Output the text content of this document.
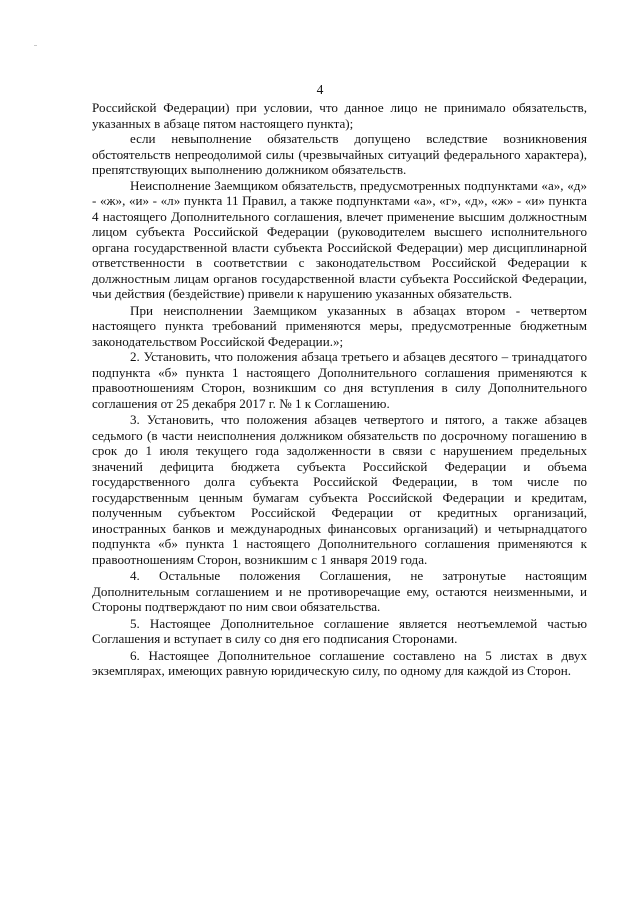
4

Российской Федерации) при условии, что данное лицо не принимало обязательств, указанных в абзаце пятом настоящего пункта);

если невыполнение обязательств допущено вследствие возникновения обстоятельств непреодолимой силы (чрезвычайных ситуаций федерального характера), препятствующих выполнению должником обязательств.

Неисполнение Заемщиком обязательств, предусмотренных подпунктами «а», «д» - «ж», «и» - «л» пункта 11 Правил, а также подпунктами «а», «г», «д», «ж» - «и» пункта 4 настоящего Дополнительного соглашения, влечет применение высшим должностным лицом субъекта Российской Федерации (руководителем высшего исполнительного органа государственной власти субъекта Российской Федерации) мер дисциплинарной ответственности в соответствии с законодательством Российской Федерации к должностным лицам органов государственной власти субъекта Российской Федерации, чьи действия (бездействие) привели к нарушению указанных обязательств.

При неисполнении Заемщиком указанных в абзацах втором - четвертом настоящего пункта требований применяются меры, предусмотренные бюджетным законодательством Российской Федерации.»;

2. Установить, что положения абзаца третьего и абзацев десятого – тринадцатого подпункта «б» пункта 1 настоящего Дополнительного соглашения применяются к правоотношениям Сторон, возникшим со дня вступления в силу Дополнительного соглашения от 25 декабря 2017 г. № 1 к Соглашению.

3. Установить, что положения абзацев четвертого и пятого, а также абзацев седьмого (в части неисполнения должником обязательств по досрочному погашению в срок до 1 июля текущего года задолженности в связи с нарушением предельных значений дефицита бюджета субъекта Российской Федерации и объема государственного долга субъекта Российской Федерации, в том числе по государственным ценным бумагам субъекта Российской Федерации и кредитам, полученным субъектом Российской Федерации от кредитных организаций, иностранных банков и международных финансовых организаций) и четырнадцатого подпункта «б» пункта 1 настоящего Дополнительного соглашения применяются к правоотношениям Сторон, возникшим с 1 января 2019 года.

4. Остальные положения Соглашения, не затронутые настоящим Дополнительным соглашением и не противоречащие ему, остаются неизменными, и Стороны подтверждают по ним свои обязательства.

5. Настоящее Дополнительное соглашение является неотъемлемой частью Соглашения и вступает в силу со дня его подписания Сторонами.

6. Настоящее Дополнительное соглашение составлено на 5 листах в двух экземплярах, имеющих равную юридическую силу, по одному для каждой из Сторон.
